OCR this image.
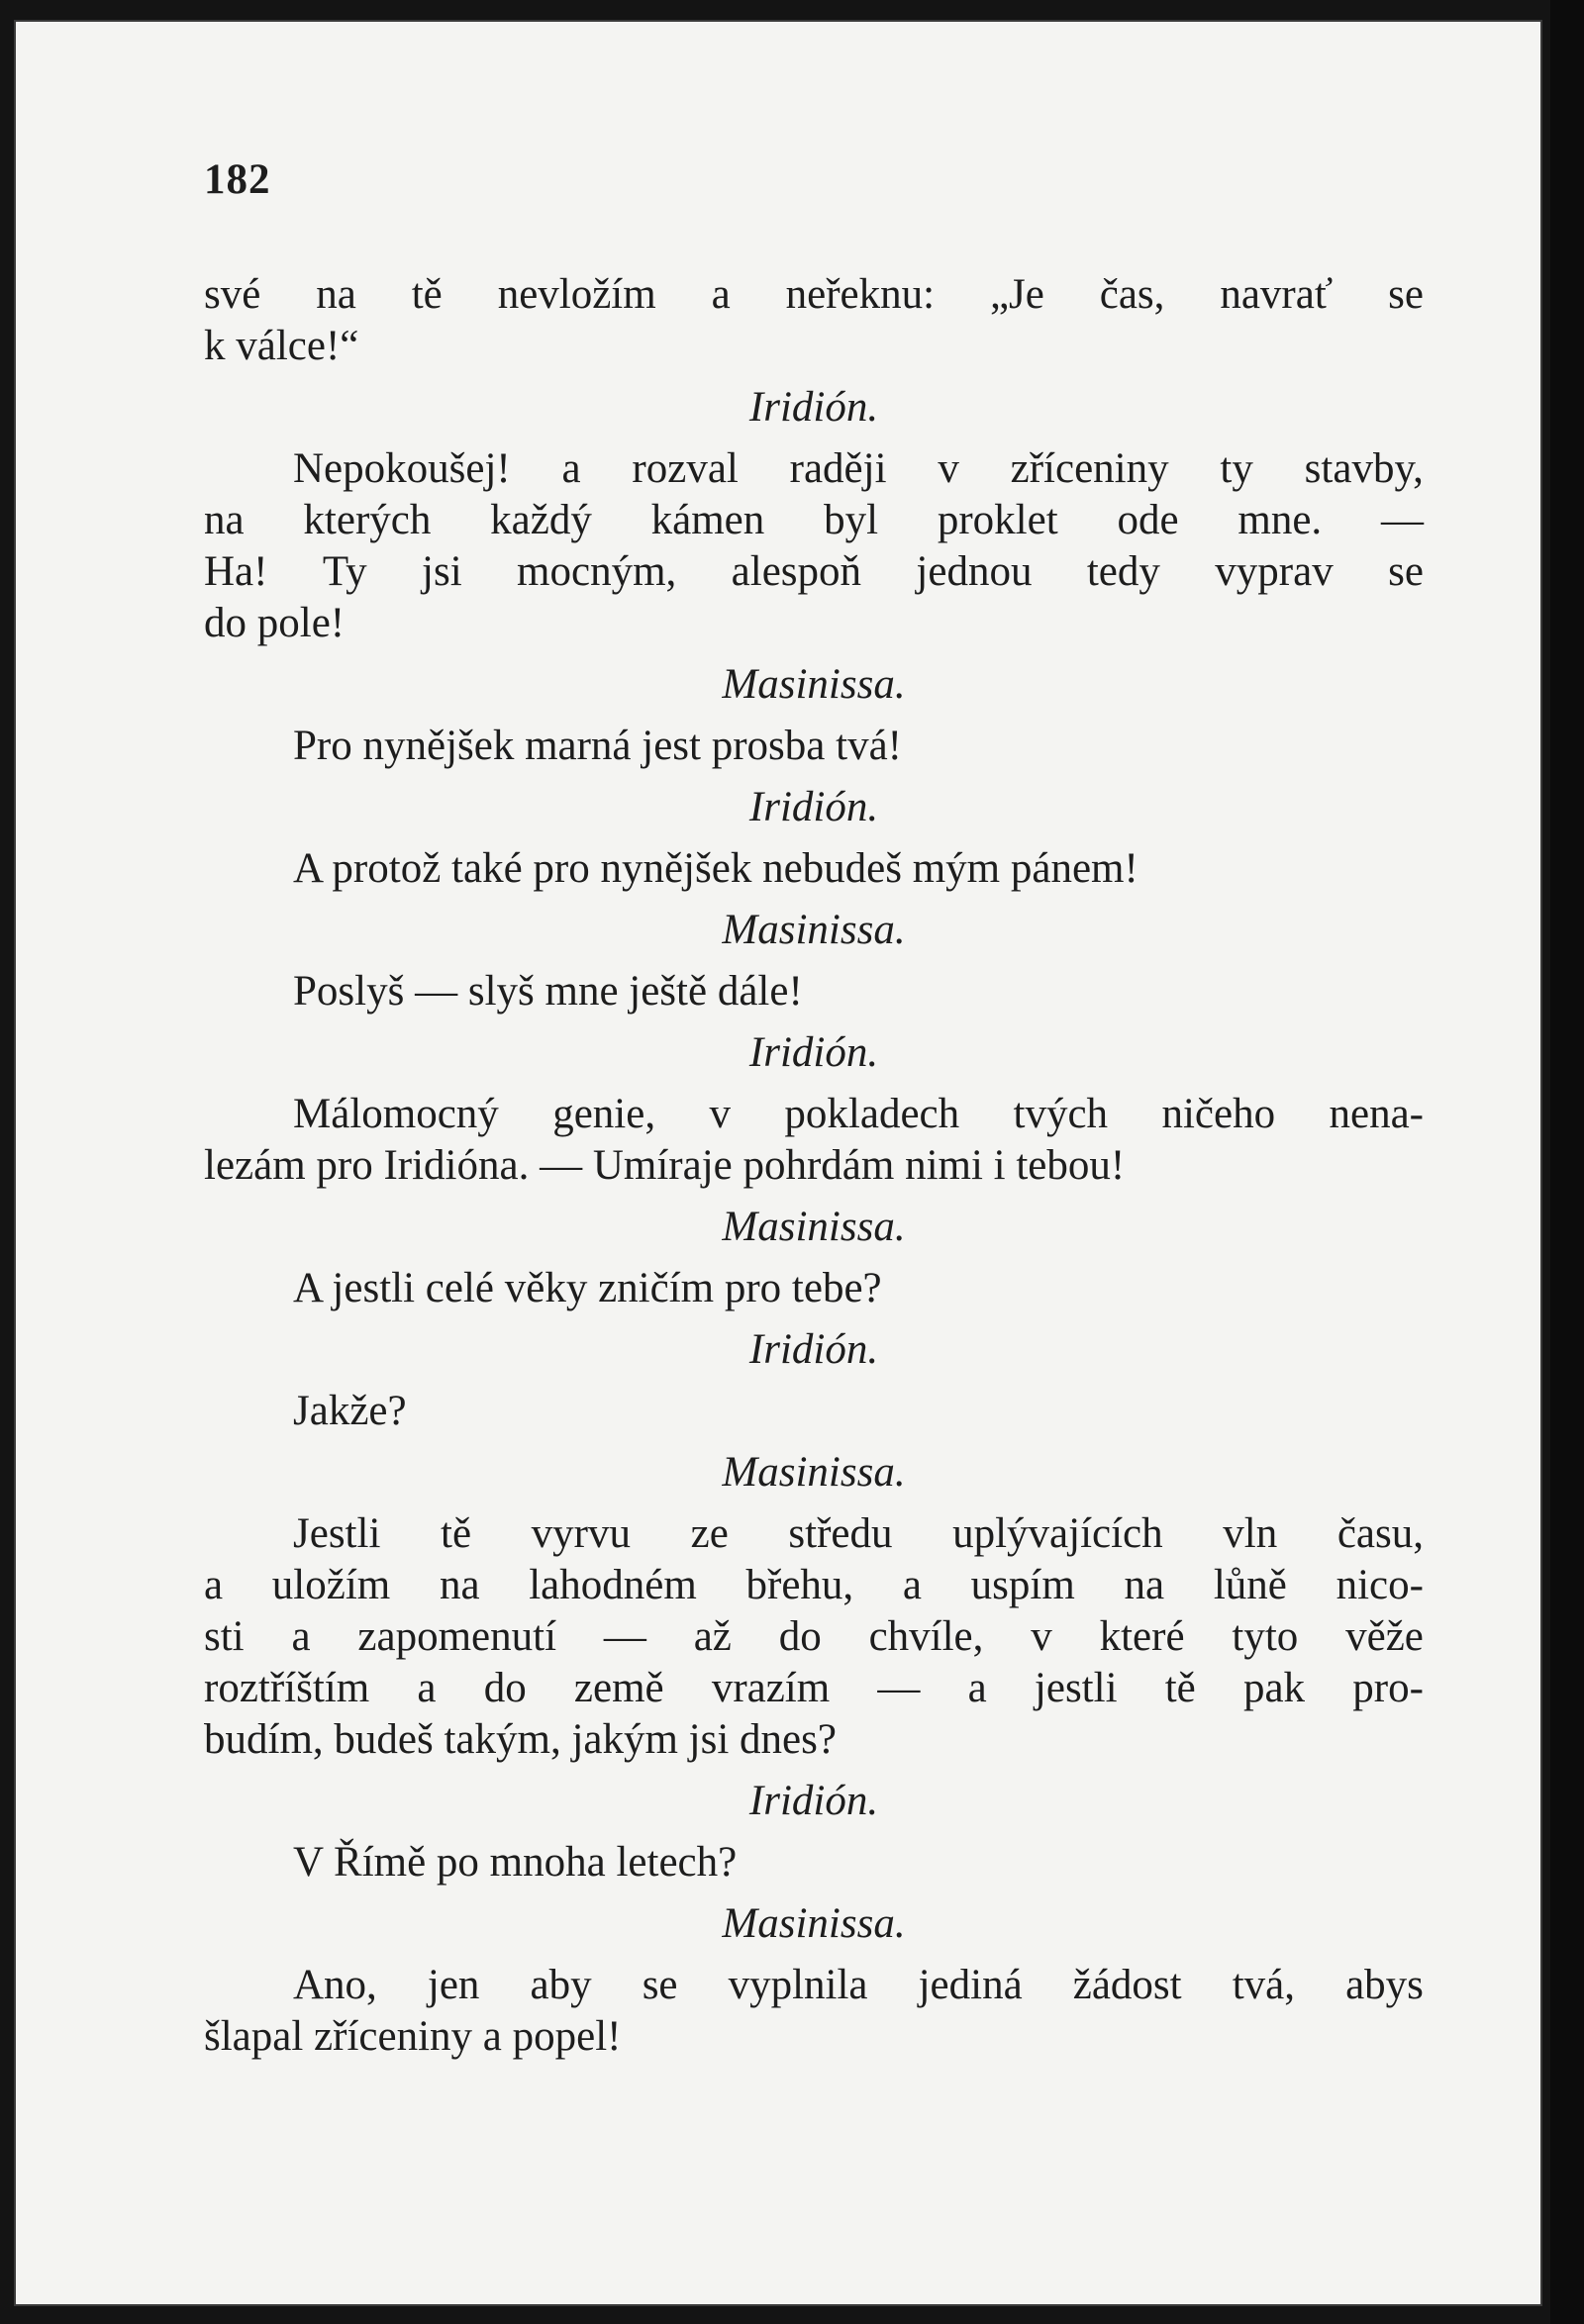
182
své na tě nevložím a neřeknu: „Je čas, navrať se
k válce!“
Iridión.
Nepokoušej! a rozval raději v zříceniny ty stavby,
na kterých každý kámen byl proklet ode mne. —
Ha! Ty jsi mocným, alespoň jednou tedy vyprav se
do pole!
Masinissa.
Pro nynějšek marná jest prosba tvá!
Iridión.
A protož také pro nynějšek nebudeš mým pánem!
Masinissa.
Poslyš — slyš mne ještě dále!
Iridión.
Málomocný genie, v pokladech tvých ničeho nena-
lezám pro Iridióna. — Umíraje pohrdám nimi i tebou!
Masinissa.
A jestli celé věky zničím pro tebe?
Iridión.
Jakže?
Masinissa.
Jestli tě vyrvu ze středu uplývajících vln času,
a uložím na lahodném břehu, a uspím na lůně nico-
sti a zapomenutí — až do chvíle, v které tyto věže
roztříštím a do země vrazím — a jestli tě pak pro-
budím, budeš takým, jakým jsi dnes?
Iridión.
V Římě po mnoha letech?
Masinissa.
Ano, jen aby se vyplnila jediná žádost tvá, abys
šlapal zříceniny a popel!
